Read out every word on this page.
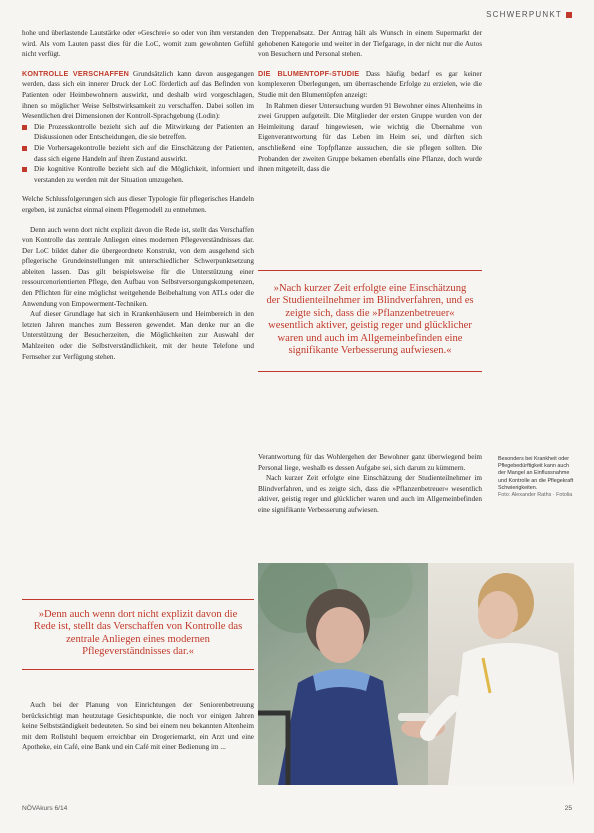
SCHWERPUNKT

hohe und überlastende Lautstärke oder »Geschrei« so oder von ihm verstanden wird. Als vom Lauten passt dies für die LoC, womit zum gewohnten Gefühl nicht verfügt.

KONTROLLE VERSCHAFFEN Grundsätzlich kann davon ausgegangen werden, dass sich ein innerer Druck der LoC förderlich auf das Befinden von Patienten oder Heimbewohnern auswirkt, und deshalb wird vorgeschlagen, ihnen so möglicher Weise Selbstwirksamkeit zu verschaffen. Dabei sollen im Wesentlichen drei Dimensionen der Kontroll-Sprachgebung (Lodin):

Die Prozesskontrolle bezieht sich auf die Mitwirkung der Patienten an Diskussionen oder Entscheidungen, die sie betreffen.
Die Vorhersagekontrolle bezieht sich auf die Einschätzung der Patienten, dass sich eigene Handeln auf ihren Zustand auswirkt.
Die kognitive Kontrolle bezieht sich auf die Möglichkeit, informiert und verstanden zu werden mit der Situation umzugehen.

Welche Schlussfolgerungen sich aus dieser Typologie für pflegerisches Handeln ergeben, ist zunächst einmal einem Pflegemodell zu entnehmen.

Denn auch wenn dort nicht explizit davon die Rede ist, stellt das Verschaffen von Kontrolle das zentrale Anliegen eines modernen Pflegeverständnisses dar. Der LoC bildet daher die übergeordnete Konstrukt, von dem ausgehend sich pflegerische Grundeinstellungen mit unterschiedlicher Schwerpunktsetzung ableiten lassen. Das gilt beispielsweise für die Unterstützung einer ressourcenorientierten Pflege, den Aufbau von Selbstversorgungskompetenzen, den Pflichten für eine möglichst weitgehende Beibehaltung von ATLs oder die Anwendung von Empowerment-Techniken.

Auf dieser Grundlage hat sich in Krankenhäusern und Heimbereich in den letzten Jahren manches zum Besseren gewendet. Man denke nur an die Unterstützung der Besucherzeiten, die Möglichkeiten zur Auswahl der Mahlzeiten oder die Selbstverständlichkeit, mit der heute Telefone und Fernseher zur Verfügung stehen.

»Denn auch wenn dort nicht explizit davon die Rede ist, stellt das Verschaffen von Kontrolle das zentrale Anliegen eines modernen Pflegeverständnisses dar.«

Auch bei der Planung von Einrichtungen der Seniorenbetreuung berücksichtigt man heutzutage Gesichtspunkte, die noch vor einigen Jahren keine Selbstständigkeit bedeuteten. So sind bei einem neu bekannten Altenheim mit dem Rollstuhl bequem erreichbar ein Drogeriemarkt, ein Arzt und eine Apotheke, ein Café, eine Bank und ein Café mit einer Bedienung im ...

den Treppenabsatz. Der Antrag hält als Wunsch in einem Supermarkt der gehobenen Kategorie und weiter in der Tiefgarage, in der nicht nur die Autos von Besuchern und Personal stehen.

DIE BLUMENTOPF-STUDIE Dass häufig bedarf es gar keiner komplexeren Überlegungen, um überraschende Erfolge zu erzielen, wie die Studie mit den Blumentöpfen anzeigt:

In Rahmen dieser Untersuchung wurden 91 Bewohner eines Altenheims in zwei Gruppen aufgeteilt. Die Mitglieder der ersten Gruppe wurden von der Heimleitung darauf hingewiesen, wie wichtig die Übernahme von Eigenverantwortung für das Leben im Heim sei, und dürften sich anschließend eine Topfpflanze aussuchen, die sie pflegen sollten. Die Probanden der zweiten Gruppe bekamen ebenfalls eine Pflanze, doch wurde ihnen mitgeteilt, dass die

»Nach kurzer Zeit erfolgte eine Einschätzung der Studienteilnehmer im Blindverfahren, und es zeigte sich, dass die »Pflanzenbetreuer« wesentlich aktiver, geistig reger und glücklicher waren und auch im Allgemeinbefinden eine signifikante Verbesserung aufwiesen.«

Verantwortung für das Wohlergehen der Bewohner ganz überwiegend beim Personal liege, weshalb es dessen Aufgabe sei, sich darum zu kümmern.

Nach kurzer Zeit erfolgte eine Einschätzung der Studienteilnehmer im Blindverfahren, und es zeigte sich, dass die »Pflanzenbetreuer« wesentlich aktiver, geistig reger und glücklicher waren und auch im Allgemeinbefinden eine signifikante Verbesserung aufwiesen.

Besonders bei Krankheit oder Pflegebedürftigkeit kann auch der Mangel an Einflussnahme und Kontrolle an die Pflegekraft Schwierigkeiten.
Foto: Alexander Raths · Fotolia
NÖVAkurs 6/14	25
